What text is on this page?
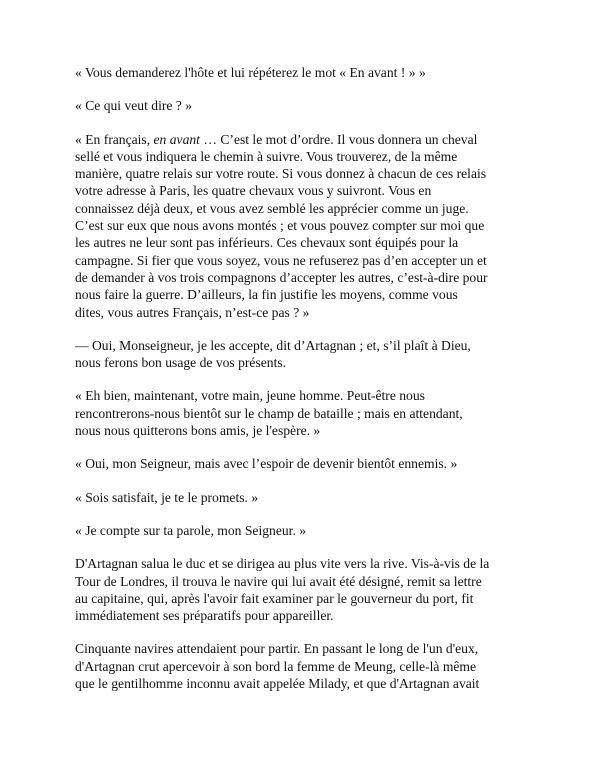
« Vous demanderez l'hôte et lui répéterez le mot « En avant ! » »

« Ce qui veut dire ? »

« En français, en avant … C’est le mot d’ordre. Il vous donnera un cheval
sellé et vous indiquera le chemin à suivre. Vous trouverez, de la même
manière, quatre relais sur votre route. Si vous donnez à chacun de ces relais
votre adresse à Paris, les quatre chevaux vous y suivront. Vous en
connaissez déjà deux, et vous avez semblé les apprécier comme un juge.
C’est sur eux que nous avons montés ; et vous pouvez compter sur moi que
les autres ne leur sont pas inférieurs. Ces chevaux sont équipés pour la
campagne. Si fier que vous soyez, vous ne refuserez pas d’en accepter un et
de demander à vos trois compagnons d’accepter les autres, c’est-à-dire pour
nous faire la guerre. D’ailleurs, la fin justifie les moyens, comme vous
dites, vous autres Français, n’est-ce pas ? »

— Oui, Monseigneur, je les accepte, dit d’Artagnan ; et, s’il plaît à Dieu,
nous ferons bon usage de vos présents.

« Eh bien, maintenant, votre main, jeune homme. Peut-être nous
rencontrerons-nous bientôt sur le champ de bataille ; mais en attendant,
nous nous quitterons bons amis, je l'espère. »

« Oui, mon Seigneur, mais avec l’espoir de devenir bientôt ennemis. »

« Sois satisfait, je te le promets. »

« Je compte sur ta parole, mon Seigneur. »

D'Artagnan salua le duc et se dirigea au plus vite vers la rive. Vis-à-vis de la
Tour de Londres, il trouva le navire qui lui avait été désigné, remit sa lettre
au capitaine, qui, après l'avoir fait examiner par le gouverneur du port, fit
immédiatement ses préparatifs pour appareiller.

Cinquante navires attendaient pour partir. En passant le long de l'un d'eux,
d'Artagnan crut apercevoir à son bord la femme de Meung, celle-là même
que le gentilhomme inconnu avait appelée Milady, et que d'Artagnan avait
